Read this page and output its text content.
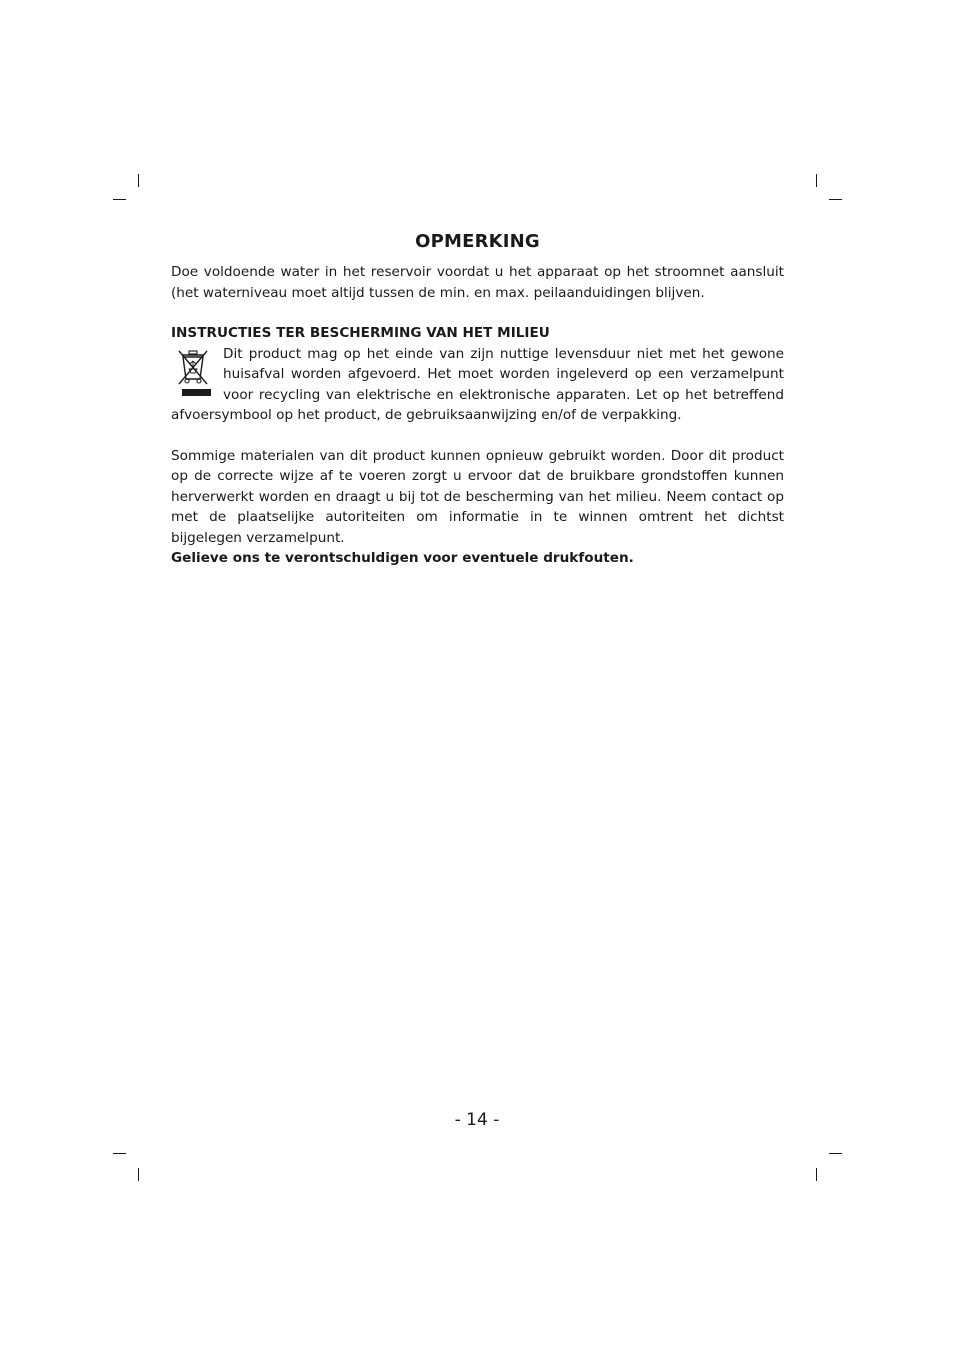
OPMERKING

Doe voldoende water in het reservoir voordat u het apparaat op het stroomnet aansluit (het waterniveau moet altijd tussen de min. en max. peilaanduidingen blijven.

INSTRUCTIES TER BESCHERMING VAN HET MILIEU

Dit product mag op het einde van zijn nuttige levensduur niet met het gewone huisafval worden afgevoerd. Het moet worden ingeleverd op een verzamelpunt voor recycling van elektrische en elektronische apparaten. Let op het betreffend afvoersymbool op het product, de gebruiksaanwijzing en/of de verpakking.

Sommige materialen van dit product kunnen opnieuw gebruikt worden. Door dit product op de correcte wijze af te voeren zorgt u ervoor dat de bruikbare grondstoffen kunnen herverwerkt worden en draagt u bij tot de bescherming van het milieu. Neem contact op met de plaatselijke autoriteiten om informatie in te winnen omtrent het dichtst bijgelegen verzamelpunt.

Gelieve ons te verontschuldigen voor eventuele drukfouten.

- 14 -
